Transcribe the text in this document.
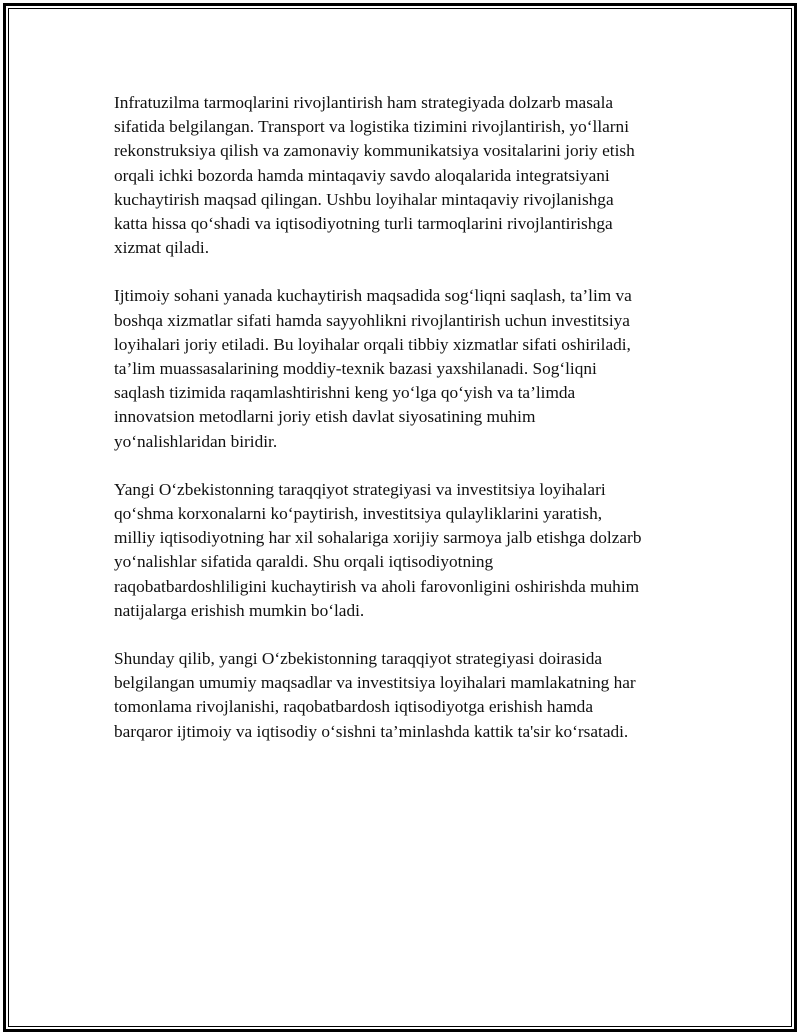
Infratuzilma tarmoqlarini rivojlantirish ham strategiyada dolzarb masala
sifatida belgilangan. Transport va logistika tizimini rivojlantirish, yo‘llarni
rekonstruksiya qilish va zamonaviy kommunikatsiya vositalarini joriy etish
orqali ichki bozorda hamda mintaqaviy savdo aloqalarida integratsiyani
kuchaytirish maqsad qilingan. Ushbu loyihalar mintaqaviy rivojlanishga
katta hissa qo‘shadi va iqtisodiyotning turli tarmoqlarini rivojlantirishga
xizmat qiladi.

Ijtimoiy sohani yanada kuchaytirish maqsadida sog‘liqni saqlash, ta’lim va
boshqa xizmatlar sifati hamda sayyohlikni rivojlantirish uchun investitsiya
loyihalari joriy etiladi. Bu loyihalar orqali tibbiy xizmatlar sifati oshiriladi,
ta’lim muassasalarining moddiy-texnik bazasi yaxshilanadi. Sog‘liqni
saqlash tizimida raqamlashtirishni keng yo‘lga qo‘yish va ta’limda
innovatsion metodlarni joriy etish davlat siyosatining muhim
yo‘nalishlaridan biridir.

Yangi O‘zbekistonning taraqqiyot strategiyasi va investitsiya loyihalari
qo‘shma korxonalarni ko‘paytirish, investitsiya qulayliklarini yaratish,
milliy iqtisodiyotning har xil sohalariga xorijiy sarmoya jalb etishga dolzarb
yo‘nalishlar sifatida qaraldi. Shu orqali iqtisodiyotning
raqobatbardoshliligini kuchaytirish va aholi farovonligini oshirishda muhim
natijalarga erishish mumkin bo‘ladi.

Shunday qilib, yangi O‘zbekistonning taraqqiyot strategiyasi doirasida
belgilangan umumiy maqsadlar va investitsiya loyihalari mamlakatning har
tomonlama rivojlanishi, raqobatbardosh iqtisodiyotga erishish hamda
barqaror ijtimoiy va iqtisodiy o‘sishni ta’minlashda kattik ta'sir ko‘rsatadi.
